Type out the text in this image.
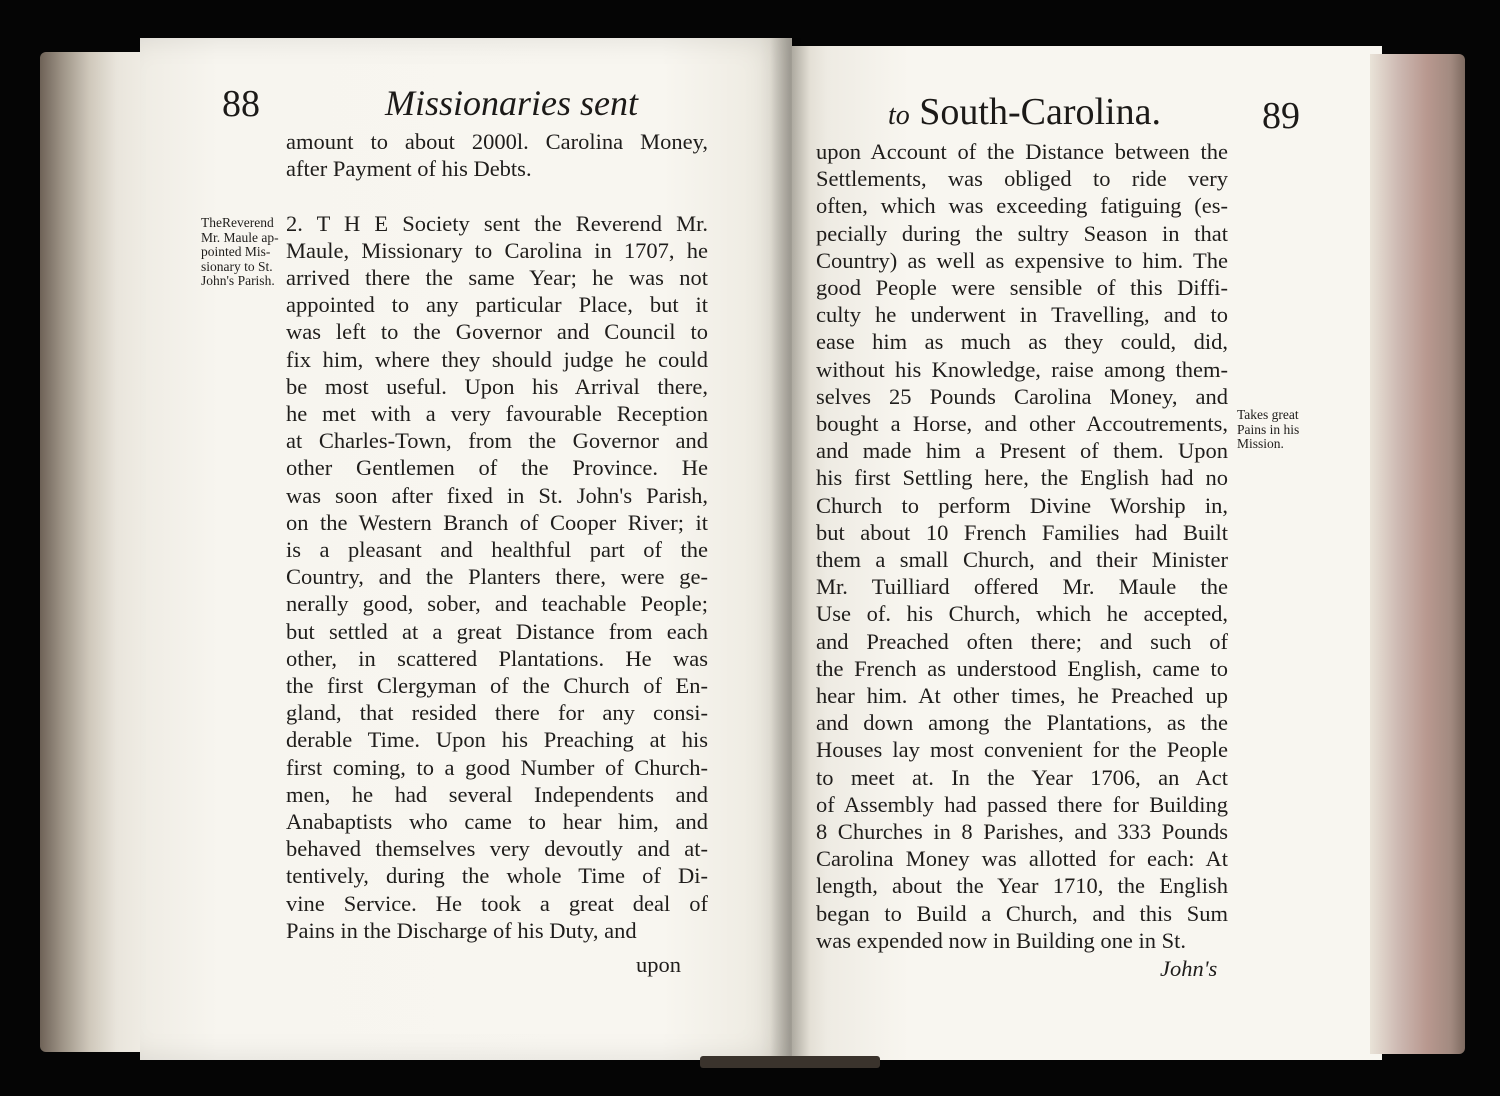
88	Missionaries sent
TheReverend
Mr. Maule ap-
pointed Mis-
sionary to St.
John's Parish.
amount to about 2000l. Carolina Money,
after Payment of his Debts.

2. T H E Society sent the Reverend Mr.
Maule, Missionary to Carolina in 1707, he
arrived there the same Year; he was not
appointed to any particular Place, but it
was left to the Governor and Council to
fix him, where they should judge he could
be most useful. Upon his Arrival there,
he met with a very favourable Reception
at Charles-Town, from the Governor and
other Gentlemen of the Province. He
was soon after fixed in St. John's Parish,
on the Western Branch of Cooper River; it
is a pleasant and healthful part of the
Country, and the Planters there, were ge-
nerally good, sober, and teachable People;
but settled at a great Distance from each
other, in scattered Plantations. He was
the first Clergyman of the Church of En-
gland, that resided there for any consi-
derable Time. Upon his Preaching at his
first coming, to a good Number of Church-
men, he had several Independents and
Anabaptists who came to hear him, and
behaved themselves very devoutly and at-
tentively, during the whole Time of Di-
vine Service. He took a great deal of
Pains in the Discharge of his Duty, and
upon
to South-Carolina.	89
Takes great
Pains in his
Mission.
upon Account of the Distance between the
Settlements, was obliged to ride very
often, which was exceeding fatiguing (es-
pecially during the sultry Season in that
Country) as well as expensive to him. The
good People were sensible of this Diffi-
culty he underwent in Travelling, and to
ease him as much as they could, did,
without his Knowledge, raise among them-
selves 25 Pounds Carolina Money, and
bought a Horse, and other Accoutrements,
and made him a Present of them. Upon
his first Settling here, the English had no
Church to perform Divine Worship in,
but about 10 French Families had Built
them a small Church, and their Minister
Mr. Tuilliard offered Mr. Maule the
Use of. his Church, which he accepted,
and Preached often there; and such of
the French as understood English, came to
hear him. At other times, he Preached up
and down among the Plantations, as the
Houses lay most convenient for the People
to meet at. In the Year 1706, an Act
of Assembly had passed there for Building
8 Churches in 8 Parishes, and 333 Pounds
Carolina Money was allotted for each: At
length, about the Year 1710, the English
began to Build a Church, and this Sum
was expended now in Building one in St.
John's
